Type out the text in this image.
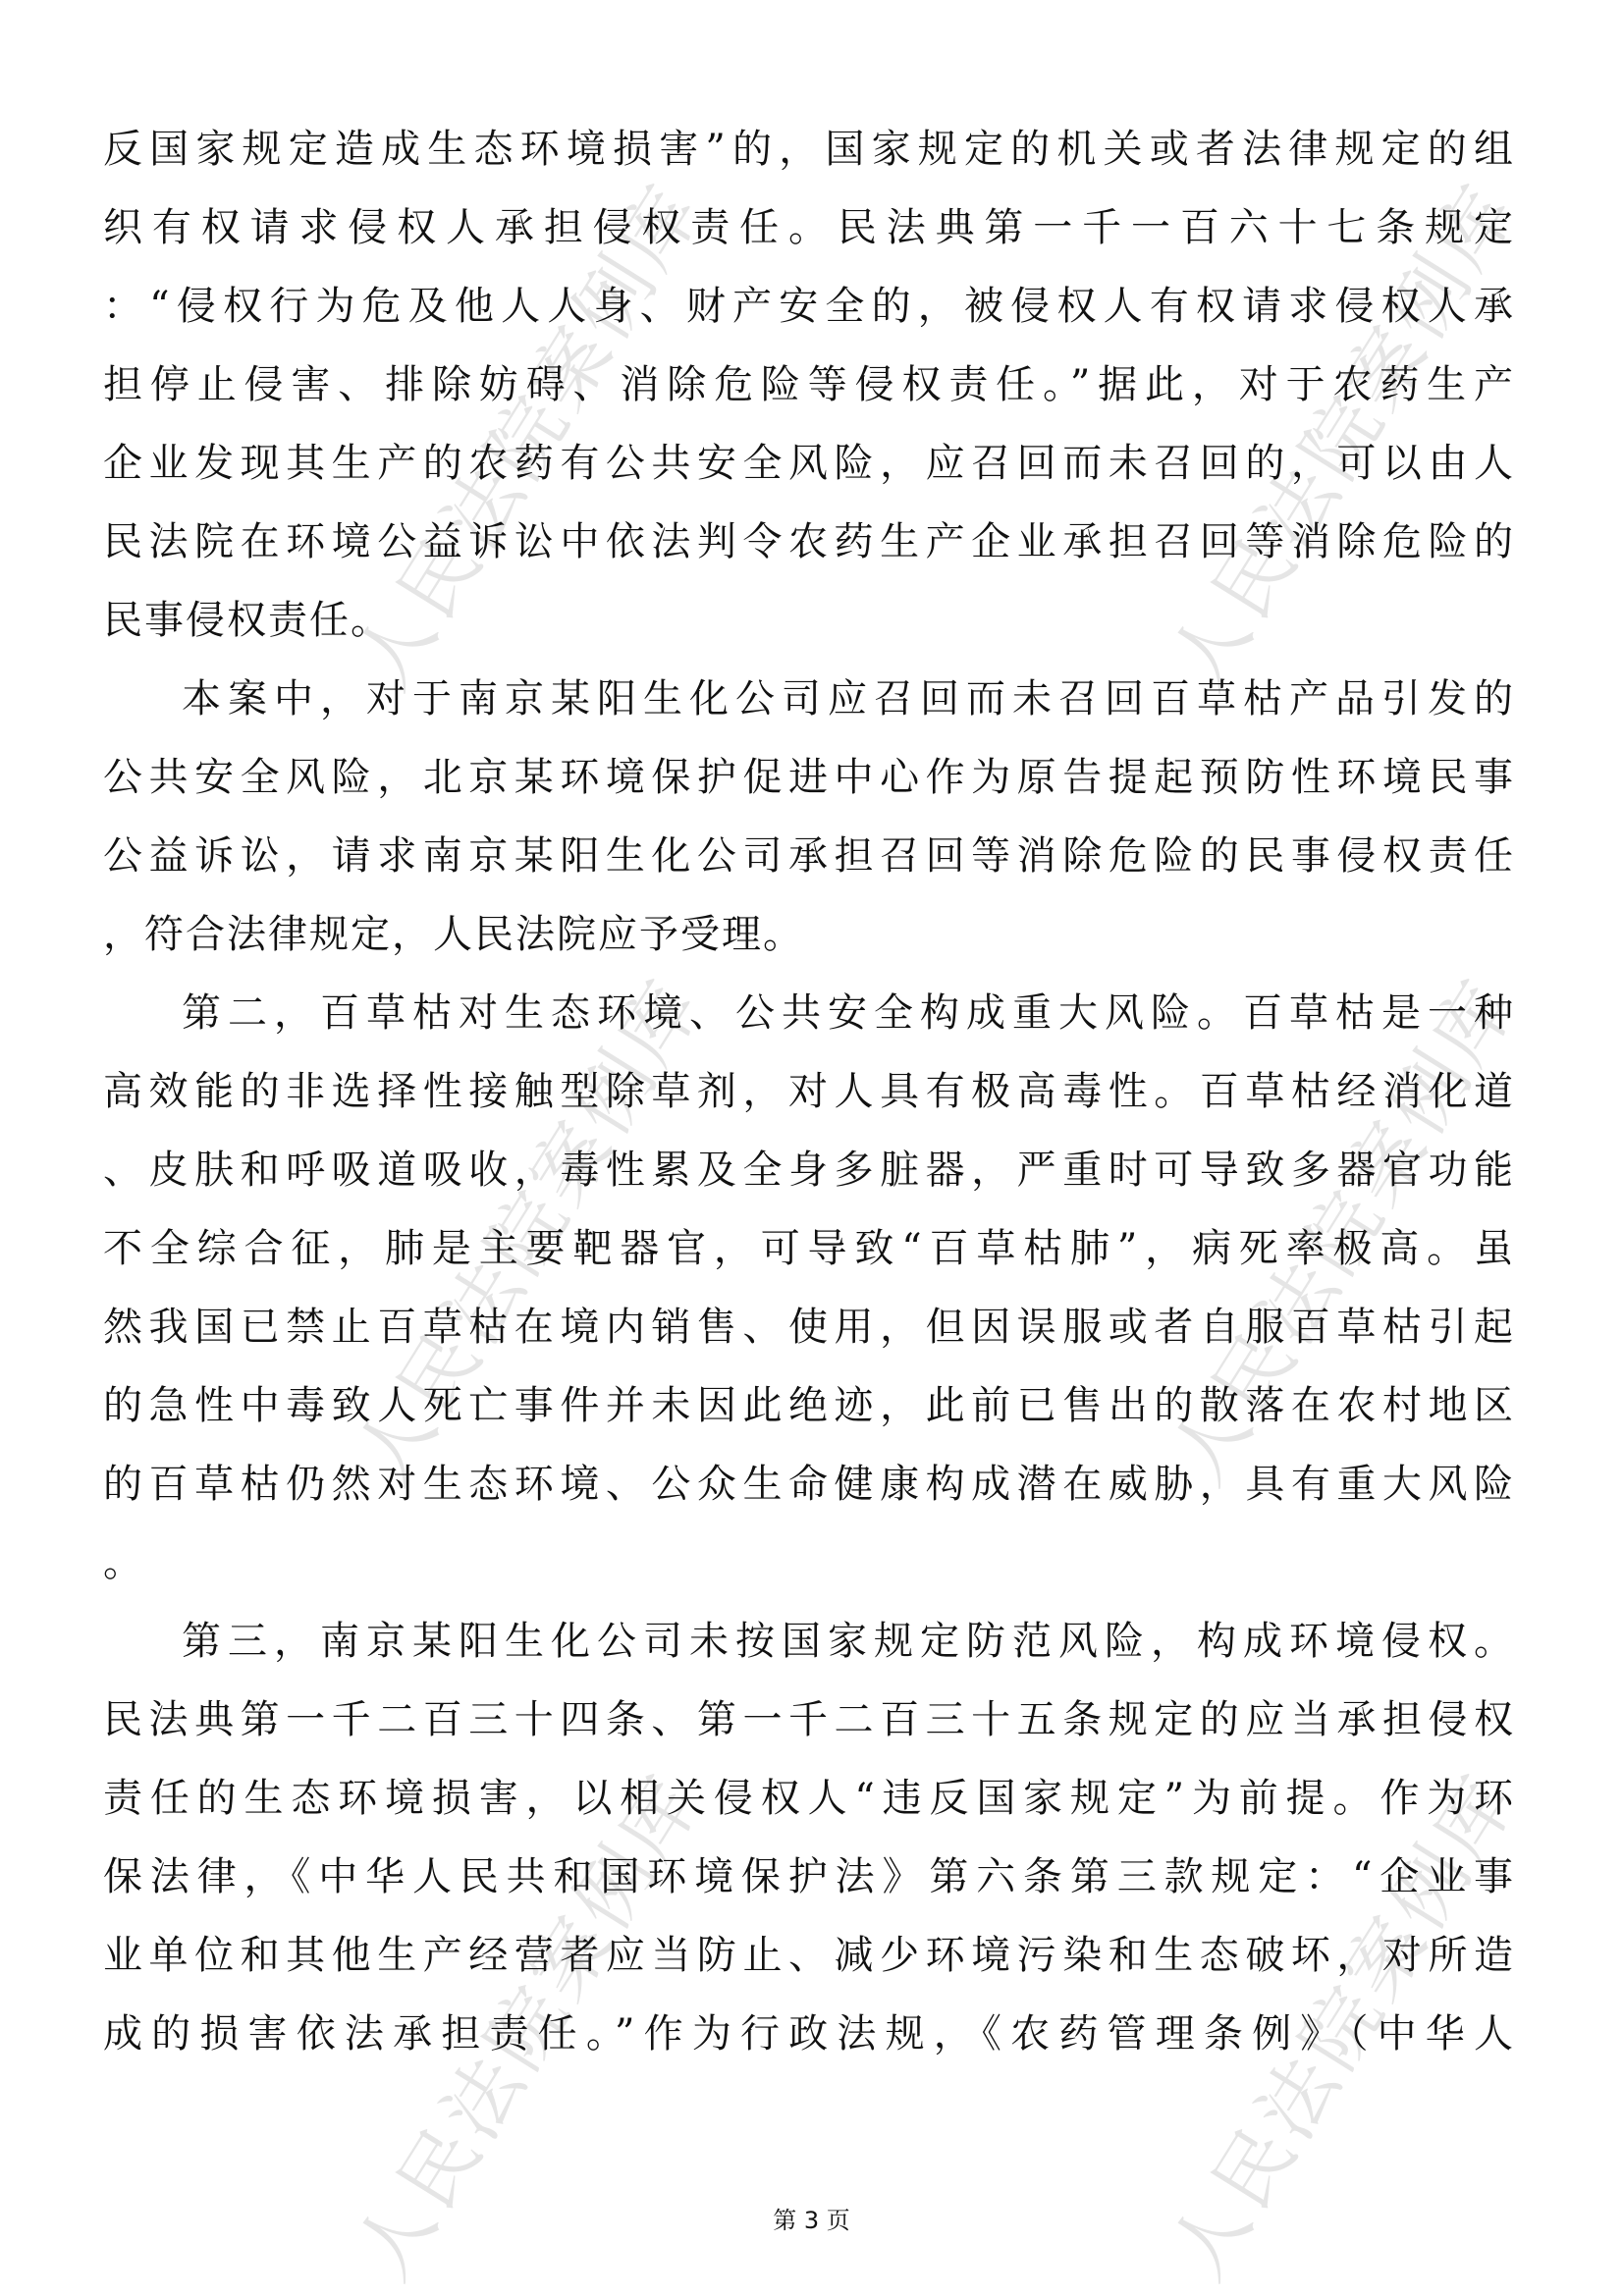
人民法院案例库	人民法院案例库
人民法院案例库	人民法院案例库
人民法院案例库	人民法院案例库
反国家规定造成生态环境损害”的，国家规定的机关或者法律规定的组
织有权请求侵权人承担侵权责任。民法典第一千一百六十七条规定
：“侵权行为危及他人人身、财产安全的，被侵权人有权请求侵权人承
担停止侵害、排除妨碍、消除危险等侵权责任。”据此，对于农药生产
企业发现其生产的农药有公共安全风险，应召回而未召回的，可以由人
民法院在环境公益诉讼中依法判令农药生产企业承担召回等消除危险的
民事侵权责任。
本案中，对于南京某阳生化公司应召回而未召回百草枯产品引发的
公共安全风险，北京某环境保护促进中心作为原告提起预防性环境民事
公益诉讼，请求南京某阳生化公司承担召回等消除危险的民事侵权责任
，符合法律规定，人民法院应予受理。
第二，百草枯对生态环境、公共安全构成重大风险。百草枯是一种
高效能的非选择性接触型除草剂，对人具有极高毒性。百草枯经消化道
、皮肤和呼吸道吸收，毒性累及全身多脏器，严重时可导致多器官功能
不全综合征，肺是主要靶器官，可导致“百草枯肺”，病死率极高。虽
然我国已禁止百草枯在境内销售、使用，但因误服或者自服百草枯引起
的急性中毒致人死亡事件并未因此绝迹，此前已售出的散落在农村地区
的百草枯仍然对生态环境、公众生命健康构成潜在威胁，具有重大风险
。
第三，南京某阳生化公司未按国家规定防范风险，构成环境侵权。
民法典第一千二百三十四条、第一千二百三十五条规定的应当承担侵权
责任的生态环境损害，以相关侵权人“违反国家规定”为前提。作为环
保法律，《中华人民共和国环境保护法》第六条第三款规定：“企业事
业单位和其他生产经营者应当防止、减少环境污染和生态破坏，对所造
成的损害依法承担责任。”作为行政法规，《农药管理条例》（中华人
第 3 页
